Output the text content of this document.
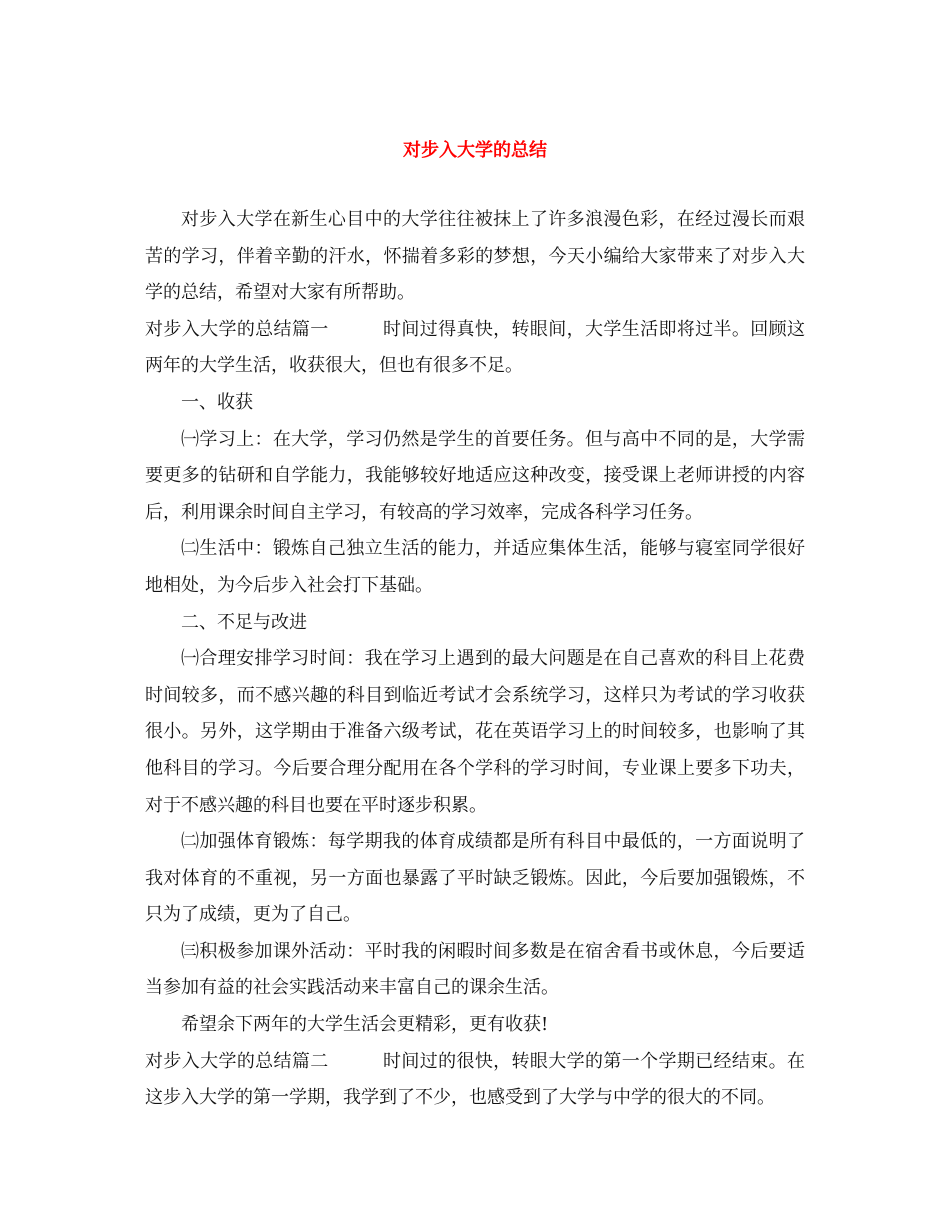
对步入大学的总结

对步入大学在新生心目中的大学往往被抹上了许多浪漫色彩，在经过漫长而艰苦的学习，伴着辛勤的汗水，怀揣着多彩的梦想，今天小编给大家带来了对步入大学的总结，希望对大家有所帮助。

对步入大学的总结篇一	时间过得真快，转眼间，大学生活即将过半。回顾这两年的大学生活，收获很大，但也有很多不足。

一、收获

㈠学习上：在大学，学习仍然是学生的首要任务。但与高中不同的是，大学需要更多的钻研和自学能力，我能够较好地适应这种改变，接受课上老师讲授的内容后，利用课余时间自主学习，有较高的学习效率，完成各科学习任务。

㈡生活中：锻炼自己独立生活的能力，并适应集体生活，能够与寝室同学很好地相处，为今后步入社会打下基础。

二、不足与改进

㈠合理安排学习时间：我在学习上遇到的最大问题是在自己喜欢的科目上花费时间较多，而不感兴趣的科目到临近考试才会系统学习，这样只为考试的学习收获很小。另外，这学期由于准备六级考试，花在英语学习上的时间较多，也影响了其他科目的学习。今后要合理分配用在各个学科的学习时间，专业课上要多下功夫，对于不感兴趣的科目也要在平时逐步积累。

㈡加强体育锻炼：每学期我的体育成绩都是所有科目中最低的，一方面说明了我对体育的不重视，另一方面也暴露了平时缺乏锻炼。因此，今后要加强锻炼，不只为了成绩，更为了自己。

㈢积极参加课外活动：平时我的闲暇时间多数是在宿舍看书或休息，今后要适当参加有益的社会实践活动来丰富自己的课余生活。

希望余下两年的大学生活会更精彩，更有收获!

对步入大学的总结篇二	时间过的很快，转眼大学的第一个学期已经结束。在这步入大学的第一学期，我学到了不少，也感受到了大学与中学的很大的不同。
